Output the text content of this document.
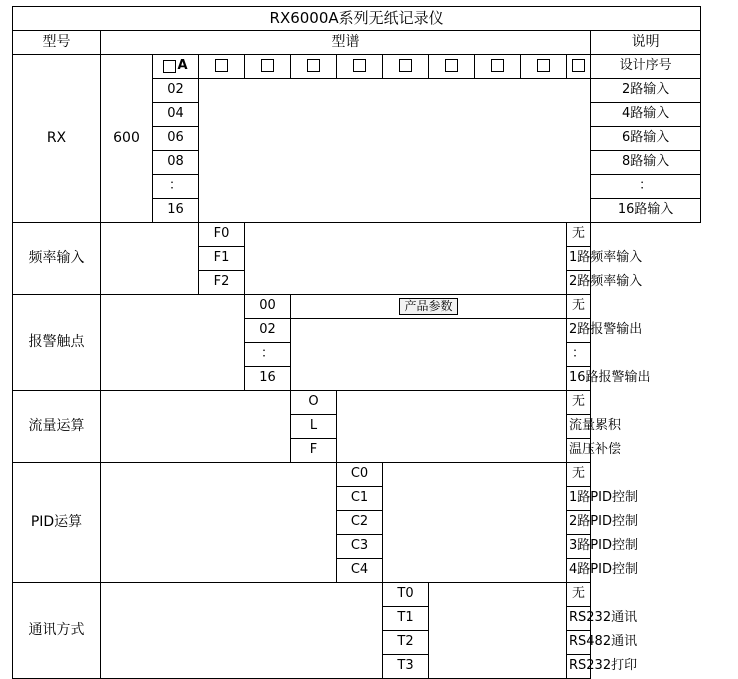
RX6000A系列无纸记录仪												
型号	型谱											说明
RX	600	A										设计序号
		02										2路输入
		04										4路输入
		06										6路输入
		08										8路输入
		：										：
		16										16路输入
频率输入			F0								无	
			F1								1路频率输入	
			F2								2路频率输入	
报警触点				00	产品参数						无	
				02							2路报警输出	
				：							：	
				16							16路报警输出	
流量运算					O						无	
					L						流量累积	
					F						温压补偿	
PID运算						C0					无	
						C1					1路PID控制	
						C2					2路PID控制	
						C3					3路PID控制	
						C4					4路PID控制	
通讯方式							T0				无	
							T1				RS232通讯	
							T2				RS482通讯	
							T3				RS232打印	
